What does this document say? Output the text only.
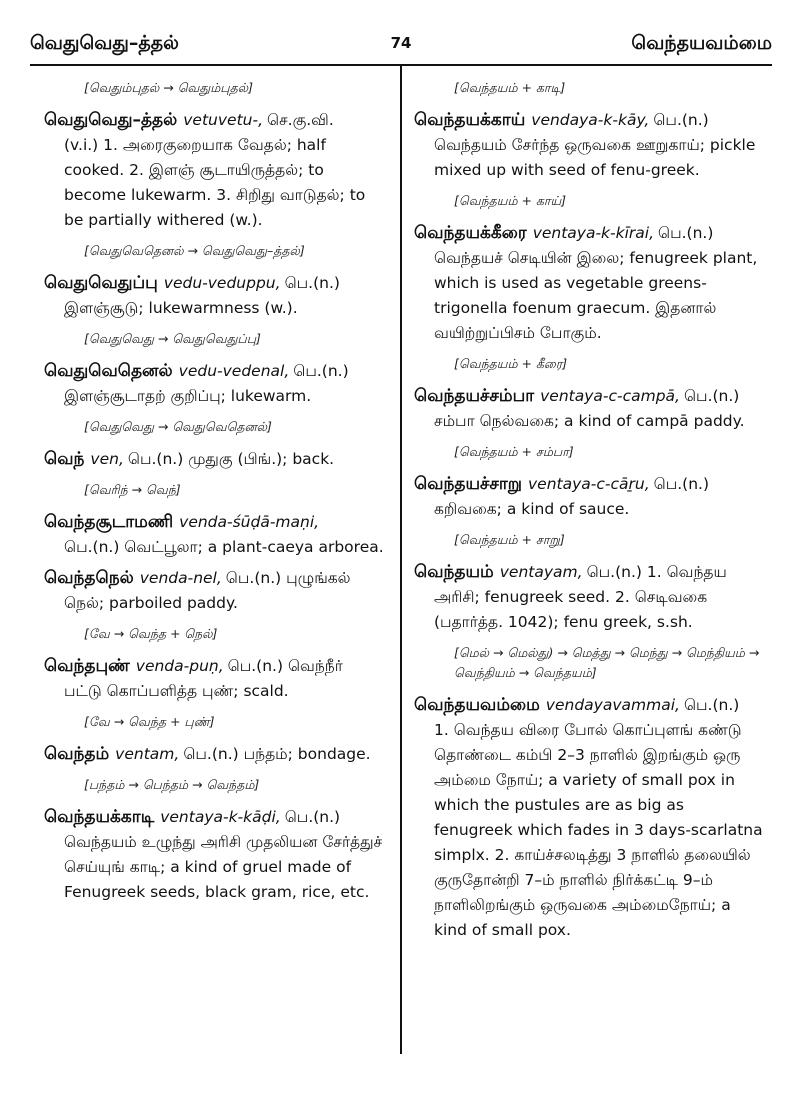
வெதுவெது–த்தல்	74	வெந்தயவம்மை
[வெதும்புதல் → வெதும்புதல்]
வெதுவெது–த்தல் vetuvetu-, செ.கு.வி.
(v.i.) 1. அரைகுறையாக வேதல்; half cooked. 2. இளஞ் சூடாயிருத்தல்; to become lukewarm. 3. சிறிது வாடுதல்; to be partially withered (w.).
[வெதுவெதெனல் → வெதுவெது–த்தல்]
வெதுவெதுப்பு vedu-veduppu, பெ.(n.)
இளஞ்சூடு; lukewarmness (w.).
[வெதுவெது → வெதுவெதுப்பு]
வெதுவெதெனல் vedu-vedenal, பெ.(n.)
இளஞ்சூடாதற் குறிப்பு; lukewarm.
[வெதுவெது → வெதுவெதெனல்]
வெந் ven, பெ.(n.) முதுகு (பிங்.); back.
[வெரிந் → வெந்]
வெந்தசூடாமணி venda-śūḍā-maṇi,
பெ.(n.) வெட்பூலா; a plant-caeya arborea.
வெந்தநெல் venda-nel, பெ.(n.) புழுங்கல்
நெல்; parboiled paddy.
[வே → வெந்த + நெல்]
வெந்தபுண் venda-puṇ, பெ.(n.) வெந்நீர்
பட்டு கொப்பளித்த புண்; scald.
[வே → வெந்த + புண்]
வெந்தம் ventam, பெ.(n.) பந்தம்; bondage.
[பந்தம் → பெந்தம் → வெந்தம்]
வெந்தயக்காடி ventaya-k-kāḍi, பெ.(n.)
வெந்தயம் உழுந்து அரிசி முதலியன சேர்த்துச் செய்யுங் காடி; a kind of gruel made of Fenugreek seeds, black gram, rice, etc.
[வெந்தயம் + காடி]
வெந்தயக்காய் vendaya-k-kāy, பெ.(n.)
வெந்தயம் சேர்ந்த ஒருவகை ஊறுகாய்; pickle mixed up with seed of fenu-greek.
[வெந்தயம் + காய்]
வெந்தயக்கீரை ventaya-k-kīrai, பெ.(n.)
வெந்தயச் செடியின் இலை; fenugreek plant, which is used as vegetable greens-trigonella foenum graecum. இதனால் வயிற்றுப்பிசம் போகும்.
[வெந்தயம் + கீரை]
வெந்தயச்சம்பா ventaya-c-campā, பெ.(n.)
சம்பா நெல்வகை; a kind of campā paddy.
[வெந்தயம் + சம்பா]
வெந்தயச்சாறு ventaya-c-cāṟu, பெ.(n.)
கறிவகை; a kind of sauce.
[வெந்தயம் + சாறு]
வெந்தயம் ventayam, பெ.(n.) 1. வெந்தய
அரிசி; fenugreek seed. 2. செடிவகை (பதார்த்த. 1042); fenu greek, s.sh.
[மெல் → மெல்து) → மெத்து → மெந்து → மெந்தியம் → வெந்தியம் → வெந்தயம்]
வெந்தயவம்மை vendayavammai, பெ.(n.)
1. வெந்தய விரை போல் கொப்புளங் கண்டு தொண்டை கம்பி 2–3 நாளில் இறங்கும் ஒரு அம்மை நோய்; a variety of small pox in which the pustules are as big as fenugreek which fades in 3 days-scarlatna simplx. 2. காய்ச்சலடித்து 3 நாளில் தலையில் குருதோன்றி 7–ம் நாளில் நிர்க்கட்டி 9–ம் நாளிலிறங்கும் ஒருவகை அம்மைநோய்; a kind of small pox.
